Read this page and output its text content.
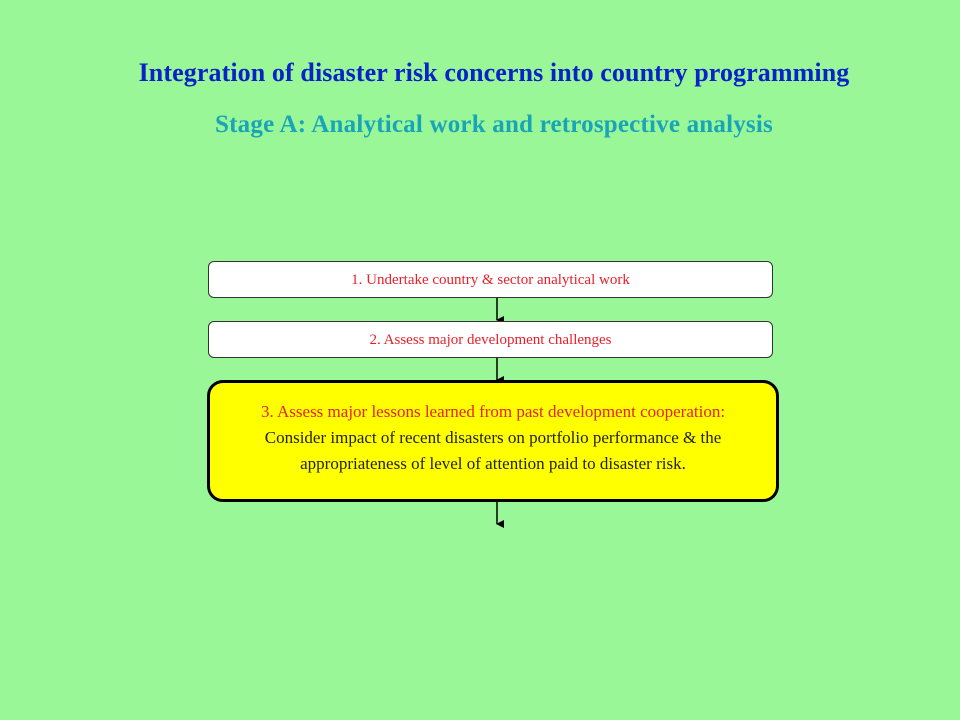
Integration of disaster risk concerns into country programming
Stage A: Analytical work and retrospective analysis
1. Undertake country & sector analytical work
2. Assess major development challenges
3. Assess major lessons learned from past development cooperation: Consider impact of recent disasters on portfolio performance & the appropriateness of level of attention paid to disaster risk.
